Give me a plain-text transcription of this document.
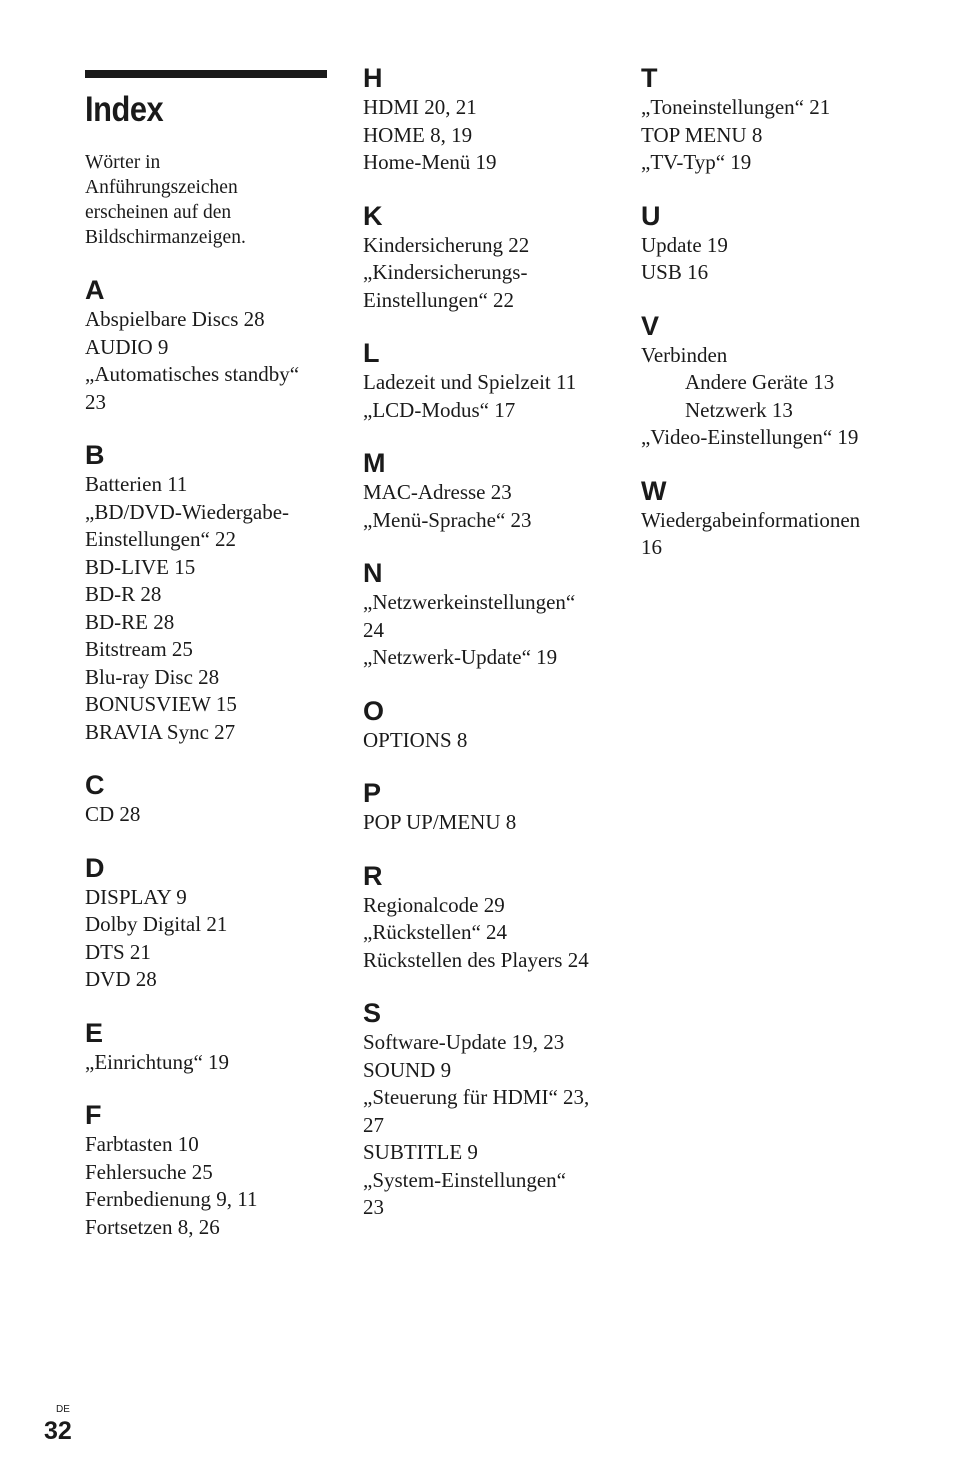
Index
Wörter in
Anführungszeichen
erscheinen auf den
Bildschirmanzeigen.
A
Abspielbare Discs 28
AUDIO 9
„Automatisches standby“
23
B
Batterien 11
„BD/DVD-Wiedergabe-
Einstellungen“ 22
BD-LIVE 15
BD-R 28
BD-RE 28
Bitstream 25
Blu-ray Disc 28
BONUSVIEW 15
BRAVIA Sync 27
C
CD 28
D
DISPLAY 9
Dolby Digital 21
DTS 21
DVD 28
E
„Einrichtung“ 19
F
Farbtasten 10
Fehlersuche 25
Fernbedienung 9, 11
Fortsetzen 8, 26
H
HDMI 20, 21
HOME 8, 19
Home-Menü 19
K
Kindersicherung 22
„Kindersicherungs-
Einstellungen“ 22
L
Ladezeit und Spielzeit 11
„LCD-Modus“ 17
M
MAC-Adresse 23
„Menü-Sprache“ 23
N
„Netzwerkeinstellungen“
24
„Netzwerk-Update“ 19
O
OPTIONS 8
P
POP UP/MENU 8
R
Regionalcode 29
„Rückstellen“ 24
Rückstellen des Players 24
S
Software-Update 19, 23
SOUND 9
„Steuerung für HDMI“ 23,
27
SUBTITLE 9
„System-Einstellungen“
23
T
„Toneinstellungen“ 21
TOP MENU 8
„TV-Typ“ 19
U
Update 19
USB 16
V
Verbinden
Andere Geräte 13
Netzwerk 13
„Video-Einstellungen“ 19
W
Wiedergabeinformationen
16
DE
32
